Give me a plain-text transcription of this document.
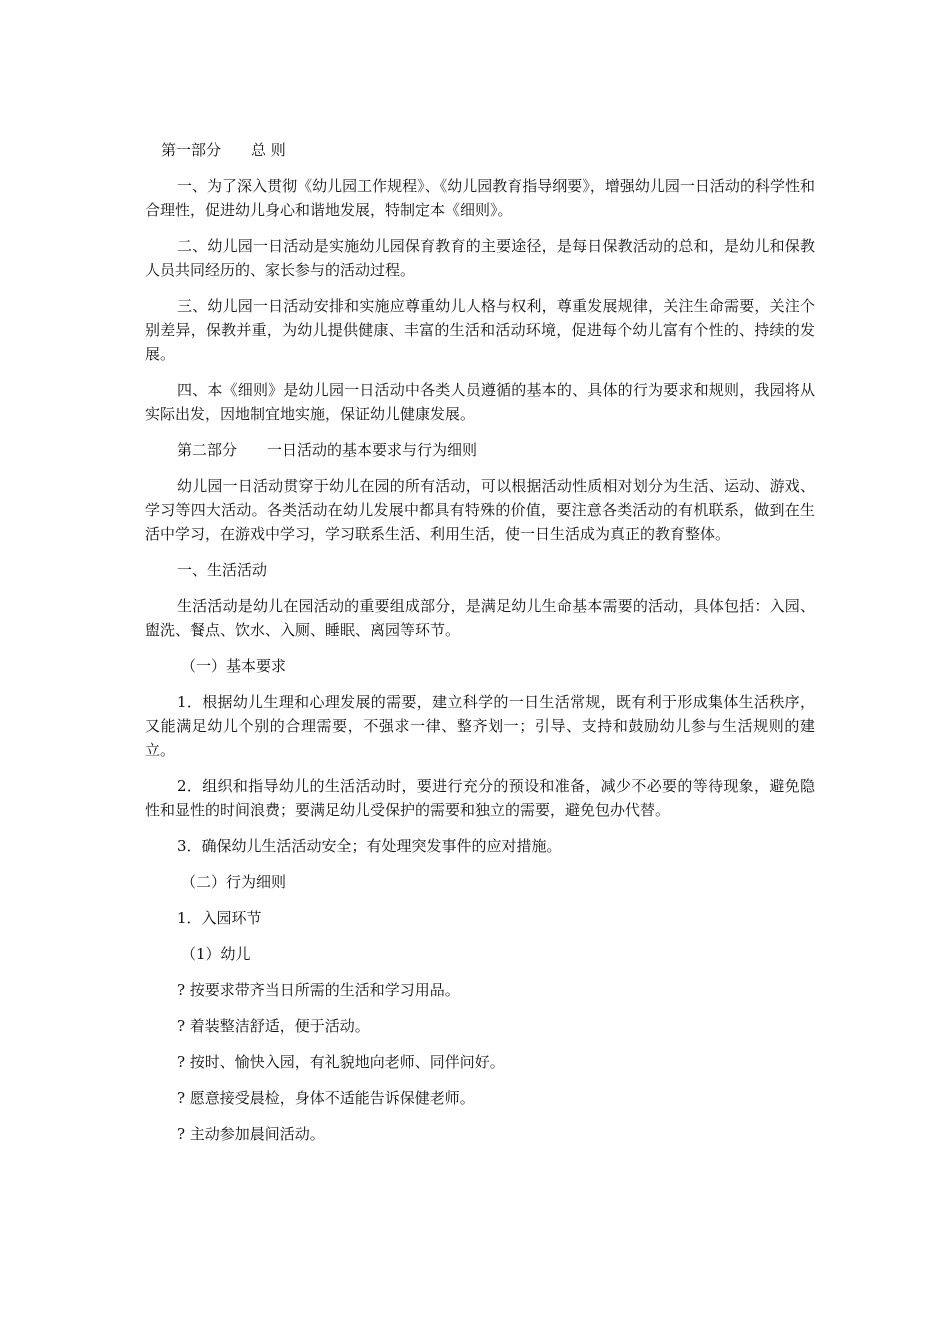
第一部分　　总 则

一、为了深入贯彻《幼儿园工作规程》、《幼儿园教育指导纲要》，增强幼儿园一日活动的科学性和合理性，促进幼儿身心和谐地发展，特制定本《细则》。

二、幼儿园一日活动是实施幼儿园保育教育的主要途径，是每日保教活动的总和，是幼儿和保教人员共同经历的、家长参与的活动过程。

三、幼儿园一日活动安排和实施应尊重幼儿人格与权利，尊重发展规律，关注生命需要，关注个别差异，保教并重，为幼儿提供健康、丰富的生活和活动环境，促进每个幼儿富有个性的、持续的发展。

四、本《细则》是幼儿园一日活动中各类人员遵循的基本的、具体的行为要求和规则，我园将从实际出发，因地制宜地实施，保证幼儿健康发展。

第二部分　　一日活动的基本要求与行为细则

幼儿园一日活动贯穿于幼儿在园的所有活动，可以根据活动性质相对划分为生活、运动、游戏、学习等四大活动。各类活动在幼儿发展中都具有特殊的价值，要注意各类活动的有机联系，做到在生活中学习，在游戏中学习，学习联系生活、利用生活，使一日生活成为真正的教育整体。

一、生活活动

生活活动是幼儿在园活动的重要组成部分，是满足幼儿生命基本需要的活动，具体包括：入园、盥洗、餐点、饮水、入厕、睡眠、离园等环节。

（一）基本要求

1．根据幼儿生理和心理发展的需要，建立科学的一日生活常规，既有利于形成集体生活秩序，又能满足幼儿个别的合理需要，不强求一律、整齐划一；引导、支持和鼓励幼儿参与生活规则的建立。

2．组织和指导幼儿的生活活动时，要进行充分的预设和准备，减少不必要的等待现象，避免隐性和显性的时间浪费；要满足幼儿受保护的需要和独立的需要，避免包办代替。

3．确保幼儿生活活动安全；有处理突发事件的应对措施。

（二）行为细则
1．入园环节
（1）幼儿
? 按要求带齐当日所需的生活和学习用品。
? 着装整洁舒适，便于活动。
? 按时、愉快入园，有礼貌地向老师、同伴问好。
? 愿意接受晨检，身体不适能告诉保健老师。
? 主动参加晨间活动。
